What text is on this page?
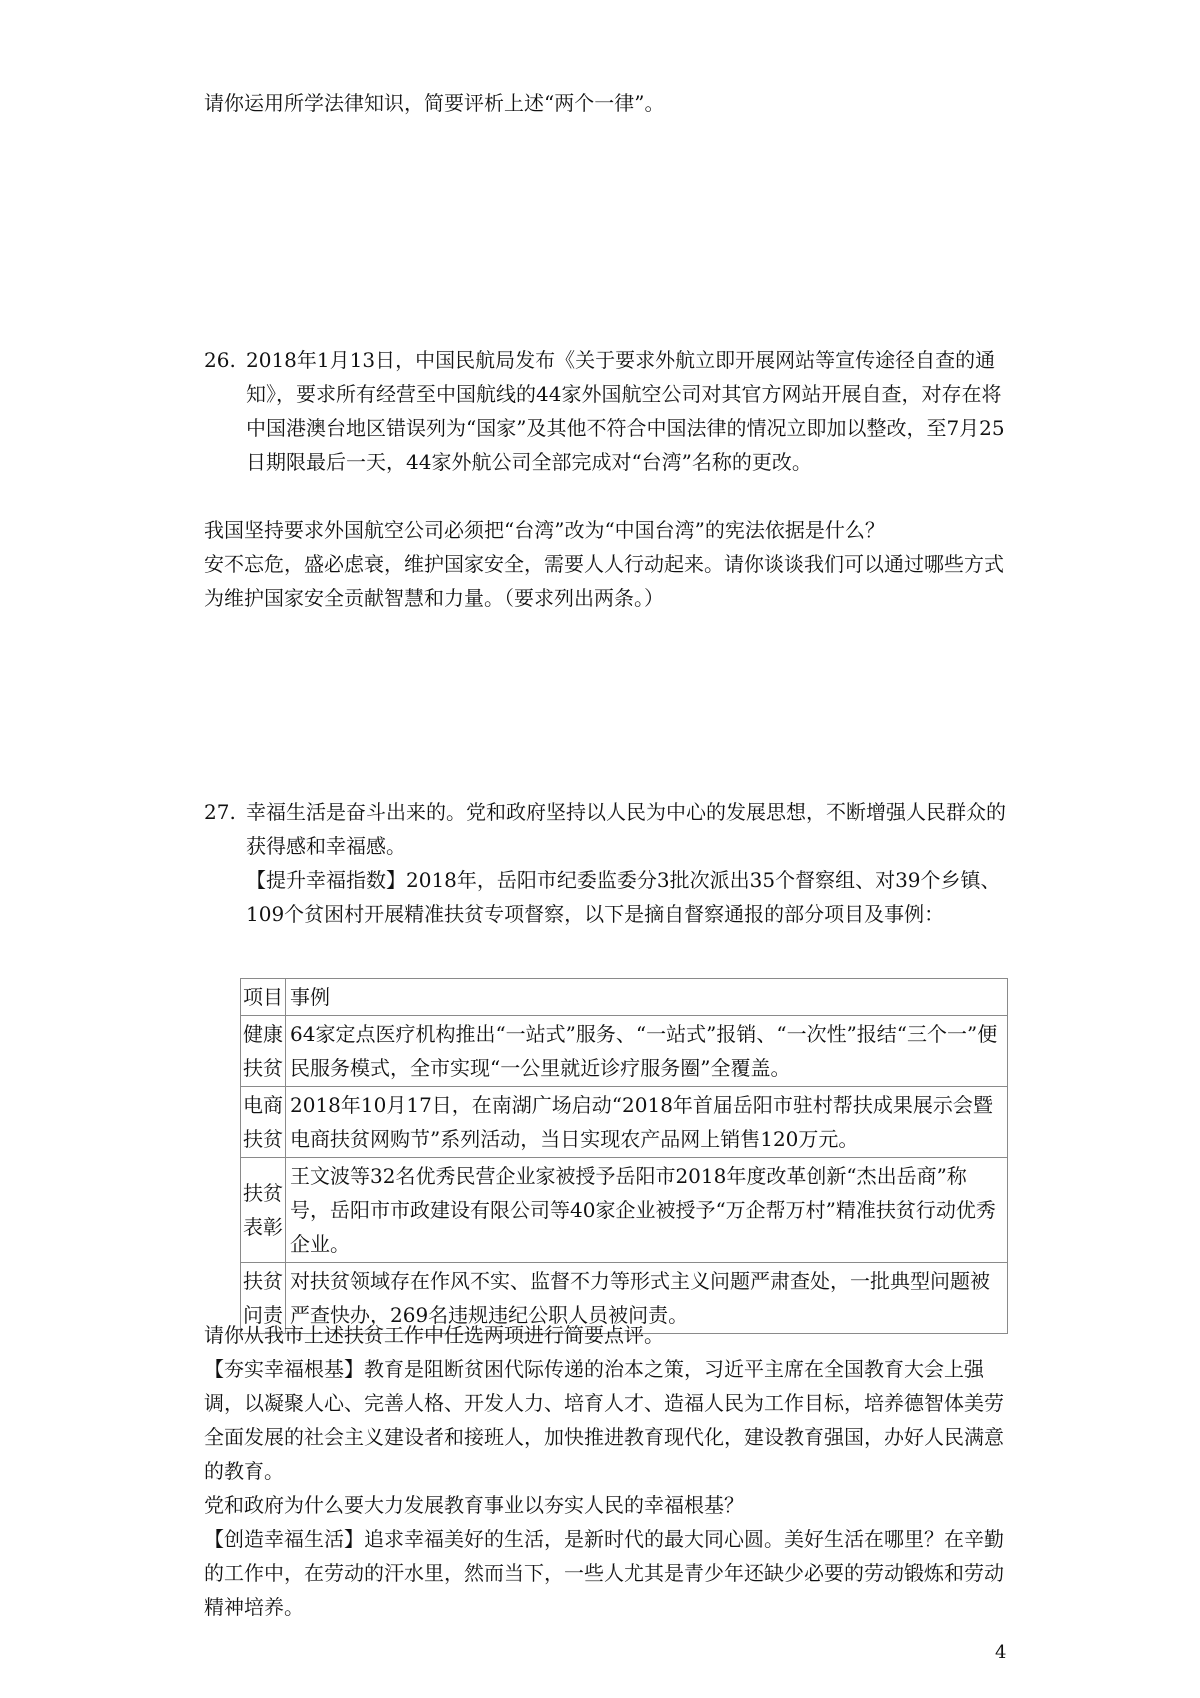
请你运用所学法律知识，简要评析上述“两个一律”。

26. 2018年1月13日，中国民航局发布《关于要求外航立即开展网站等宣传途径自查的通知》，要求所有经营至中国航线的44家外国航空公司对其官方网站开展自查，对存在将中国港澳台地区错误列为“国家”及其他不符合中国法律的情况立即加以整改，至7月25日期限最后一天，44家外航公司全部完成对“台湾”名称的更改。

我国坚持要求外国航空公司必须把“台湾”改为“中国台湾”的宪法依据是什么？

安不忘危，盛必虑衰，维护国家安全，需要人人行动起来。请你谈谈我们可以通过哪些方式为维护国家安全贡献智慧和力量。（要求列出两条。）

27. 幸福生活是奋斗出来的。党和政府坚持以人民为中心的发展思想，不断增强人民群众的获得感和幸福感。

【提升幸福指数】2018年，岳阳市纪委监委分3批次派出35个督察组、对39个乡镇、109个贫困村开展精准扶贫专项督察，以下是摘自督察通报的部分项目及事例：

项目	事例
健康扶贫	64家定点医疗机构推出“一站式”服务、“一站式”报销、“一次性”报结“三个一”便民服务模式，全市实现“一公里就近诊疗服务圈”全覆盖。
电商扶贫	2018年10月17日，在南湖广场启动“2018年首届岳阳市驻村帮扶成果展示会暨电商扶贫网购节”系列活动，当日实现农产品网上销售120万元。
扶贫表彰	王文波等32名优秀民营企业家被授予岳阳市2018年度改革创新“杰出岳商”称号，岳阳市市政建设有限公司等40家企业被授予“万企帮万村”精准扶贫行动优秀企业。
扶贫问责	对扶贫领域存在作风不实、监督不力等形式主义问题严肃查处，一批典型问题被严查快办，269名违规违纪公职人员被问责。

请你从我市上述扶贫工作中任选两项进行简要点评。

【夯实幸福根基】教育是阻断贫困代际传递的治本之策，习近平主席在全国教育大会上强调，以凝聚人心、完善人格、开发人力、培育人才、造福人民为工作目标，培养德智体美劳全面发展的社会主义建设者和接班人，加快推进教育现代化，建设教育强国，办好人民满意的教育。

党和政府为什么要大力发展教育事业以夯实人民的幸福根基？

【创造幸福生活】追求幸福美好的生活，是新时代的最大同心圆。美好生活在哪里？在辛勤的工作中，在劳动的汗水里，然而当下，一些人尤其是青少年还缺少必要的劳动锻炼和劳动精神培养。

4
